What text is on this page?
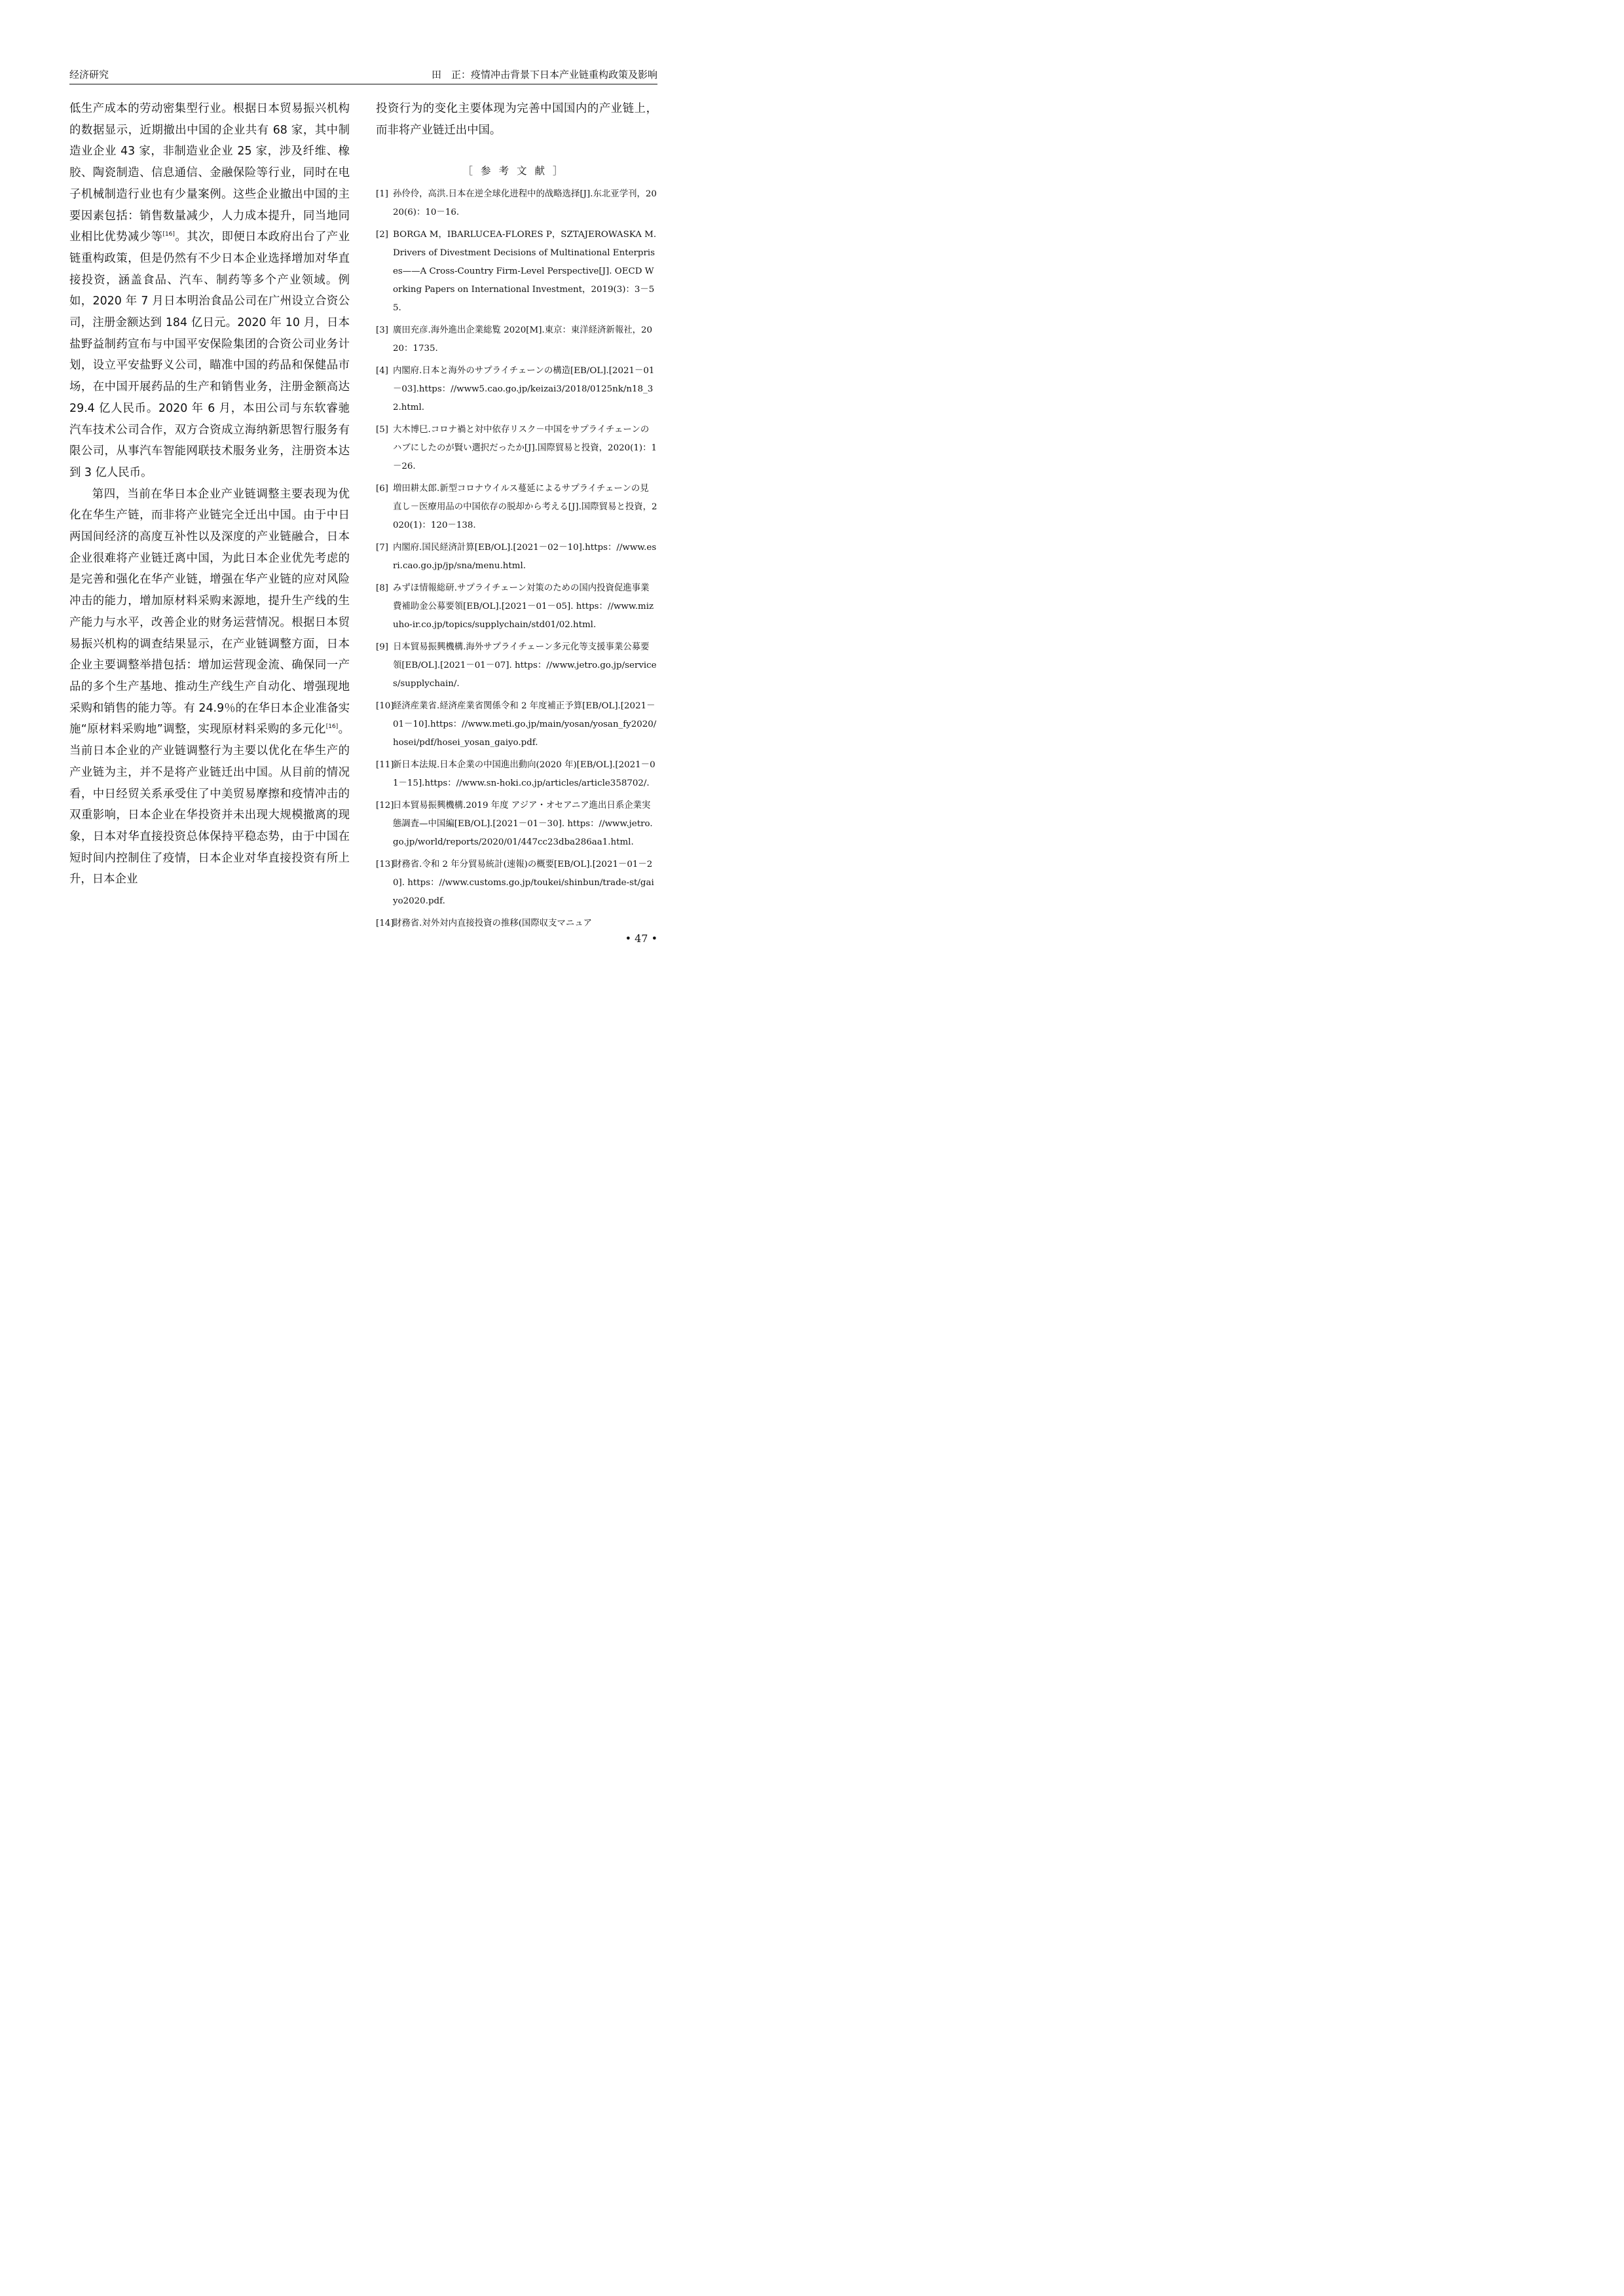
经济研究	田　正：疫情冲击背景下日本产业链重构政策及影响

低生产成本的劳动密集型行业。根据日本贸易振兴机构的数据显示，近期撤出中国的企业共有 68 家，其中制造业企业 43 家，非制造业企业 25 家，涉及纤维、橡胶、陶瓷制造、信息通信、金融保险等行业，同时在电子机械制造行业也有少量案例。这些企业撤出中国的主要因素包括：销售数量减少，人力成本提升，同当地同业相比优势减少等[16]。其次，即便日本政府出台了产业链重构政策，但是仍然有不少日本企业选择增加对华直接投资，涵盖食品、汽车、制药等多个产业领域。例如，2020 年 7 月日本明治食品公司在广州设立合资公司，注册金额达到 184 亿日元。2020 年 10 月，日本盐野益制药宣布与中国平安保险集团的合资公司业务计划，设立平安盐野义公司，瞄准中国的药品和保健品市场，在中国开展药品的生产和销售业务，注册金额高达 29.4 亿人民币。2020 年 6 月，本田公司与东软睿驰汽车技术公司合作，双方合资成立海纳新思智行服务有限公司，从事汽车智能网联技术服务业务，注册资本达到 3 亿人民币。

第四，当前在华日本企业产业链调整主要表现为优化在华生产链，而非将产业链完全迁出中国。由于中日两国间经济的高度互补性以及深度的产业链融合，日本企业很难将产业链迁离中国，为此日本企业优先考虑的是完善和强化在华产业链，增强在华产业链的应对风险冲击的能力，增加原材料采购来源地，提升生产线的生产能力与水平，改善企业的财务运营情况。根据日本贸易振兴机构的调查结果显示，在产业链调整方面，日本企业主要调整举措包括：增加运营现金流、确保同一产品的多个生产基地、推动生产线生产自动化、增强现地采购和销售的能力等。有 24.9％的在华日本企业准备实施“原材料采购地”调整，实现原材料采购的多元化[16]。当前日本企业的产业链调整行为主要以优化在华生产的产业链为主，并不是将产业链迁出中国。从目前的情况看，中日经贸关系承受住了中美贸易摩擦和疫情冲击的双重影响，日本企业在华投资并未出现大规模撤离的现象，日本对华直接投资总体保持平稳态势，由于中国在短时间内控制住了疫情，日本企业对华直接投资有所上升，日本企业

投资行为的变化主要体现为完善中国国内的产业链上，而非将产业链迁出中国。

［参考文献］
[1] 孙伶伶，高洪.日本在逆全球化进程中的战略选择[J].东北亚学刊，2020(6)：10－16.
[2] BORGA M，IBARLUCEA-FLORES P，SZTAJEROWASKA M. Drivers of Divestment Decisions of Multinational Enterprises——A Cross-Country Firm-Level Perspective[J]. OECD Working Papers on International Investment，2019(3)：3－55.
[3] 廣田充彦.海外進出企業総覧 2020[M].東京：東洋経済新報社，2020：1735.
[4] 内閣府.日本と海外のサプライチェーンの構造[EB/OL].[2021－01－03].https：//www5.cao.go.jp/keizai3/2018/0125nk/n18_32.html.
[5] 大木博巳.コロナ禍と対中依存リスク－中国をサプライチェーンのハブにしたのが賢い選択だったか[J].国際貿易と投資，2020(1)：1－26.
[6] 増田耕太郎.新型コロナウイルス蔓延によるサプライチェーンの見直し－医療用品の中国依存の脱却から考える[J].国際貿易と投資，2020(1)：120－138.
[7] 内閣府.国民経済計算[EB/OL].[2021－02－10].https：//www.esri.cao.go.jp/jp/sna/menu.html.
[8] みずほ情報総研.サプライチェーン対策のための国内投資促進事業費補助金公募要領[EB/OL].[2021－01－05]. https：//www.mizuho-ir.co.jp/topics/supplychain/std01/02.html.
[9] 日本貿易振興機構.海外サプライチェーン多元化等支援事業公募要領[EB/OL].[2021－01－07]. https：//www.jetro.go.jp/services/supplychain/.
[10]
経済産業省.経済産業省関係令和 2 年度補正予算[EB/OL].[2021－01－10].https：//www.meti.go.jp/main/yosan/yosan_fy2020/hosei/pdf/hosei_yosan_gaiyo.pdf.
[11]
新日本法規.日本企業の中国進出動向(2020 年)[EB/OL].[2021－01－15].https：//www.sn-hoki.co.jp/articles/article358702/.
[12]
日本貿易振興機構.2019 年度 アジア・オセアニア進出日系企業実態調査—中国編[EB/OL].[2021－01－30]. https：//www.jetro.go.jp/world/reports/2020/01/447cc23dba286aa1.html.
[13]
財務省.令和 2 年分貿易統計(速報)の概要[EB/OL].[2021－01－20]. https：//www.customs.go.jp/toukei/shinbun/trade-st/gaiyo2020.pdf.
[14]
財務省.対外対内直接投資の推移(国際収支マニュア
• 47 •
